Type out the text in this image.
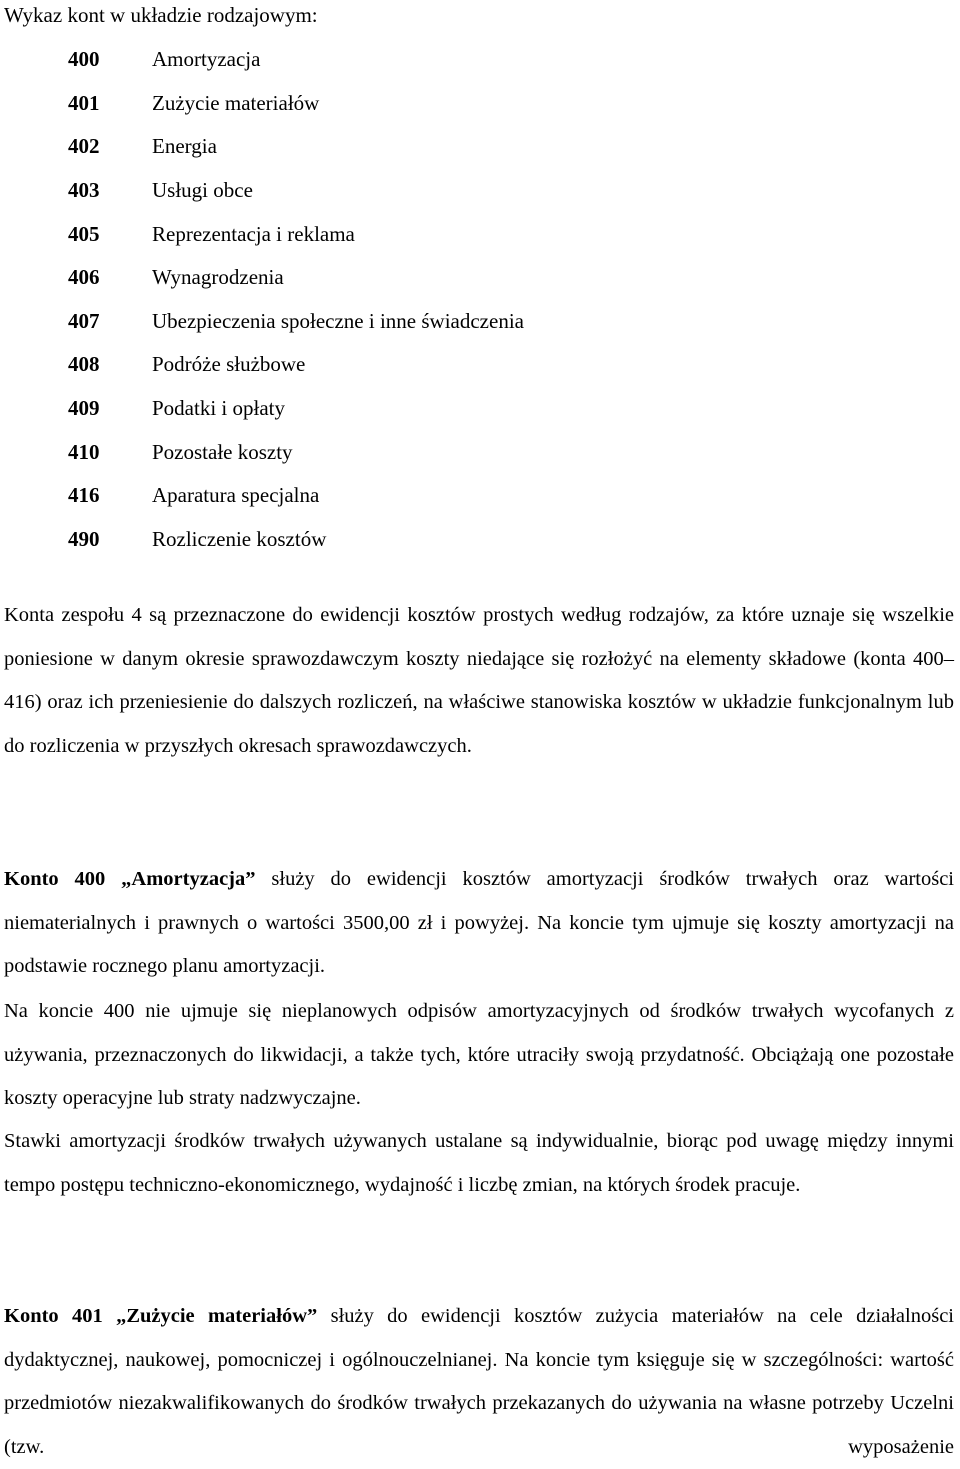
Wykaz kont w układzie rodzajowym:

400	Amortyzacja
401	Zużycie materiałów
402	Energia
403	Usługi obce
405	Reprezentacja i reklama
406	Wynagrodzenia
407	Ubezpieczenia społeczne i inne świadczenia
408	Podróże służbowe
409	Podatki i opłaty
410	Pozostałe koszty
416	Aparatura specjalna
490	Rozliczenie kosztów

Konta zespołu 4 są przeznaczone do ewidencji kosztów prostych według rodzajów, za które uznaje się wszelkie poniesione w danym okresie sprawozdawczym koszty niedające się rozłożyć na elementy składowe (konta 400–416) oraz ich przeniesienie do dalszych rozliczeń, na właściwe stanowiska kosztów w układzie funkcjonalnym lub do rozliczenia w przyszłych okresach sprawozdawczych.

Konto 400 „Amortyzacja” służy do ewidencji kosztów amortyzacji środków trwałych oraz wartości niematerialnych i prawnych o wartości 3500,00 zł i powyżej. Na koncie tym ujmuje się koszty amortyzacji na podstawie rocznego planu amortyzacji.

Na koncie 400 nie ujmuje się nieplanowych odpisów amortyzacyjnych od środków trwałych wycofanych z używania, przeznaczonych do likwidacji, a także tych, które utraciły swoją przydatność. Obciążają one pozostałe koszty operacyjne lub straty nadzwyczajne.

Stawki amortyzacji środków trwałych używanych ustalane są indywidualnie, biorąc pod uwagę między innymi tempo postępu techniczno-ekonomicznego, wydajność i liczbę zmian, na których środek pracuje.

Konto 401 „Zużycie materiałów” służy do ewidencji kosztów zużycia materiałów na cele działalności dydaktycznej, naukowej, pomocniczej i ogólnouczelnianej. Na koncie tym księguje się w szczególności: wartość przedmiotów niezakwalifikowanych do środków trwałych przekazanych do używania na własne potrzeby Uczelni (tzw. wyposażenie
